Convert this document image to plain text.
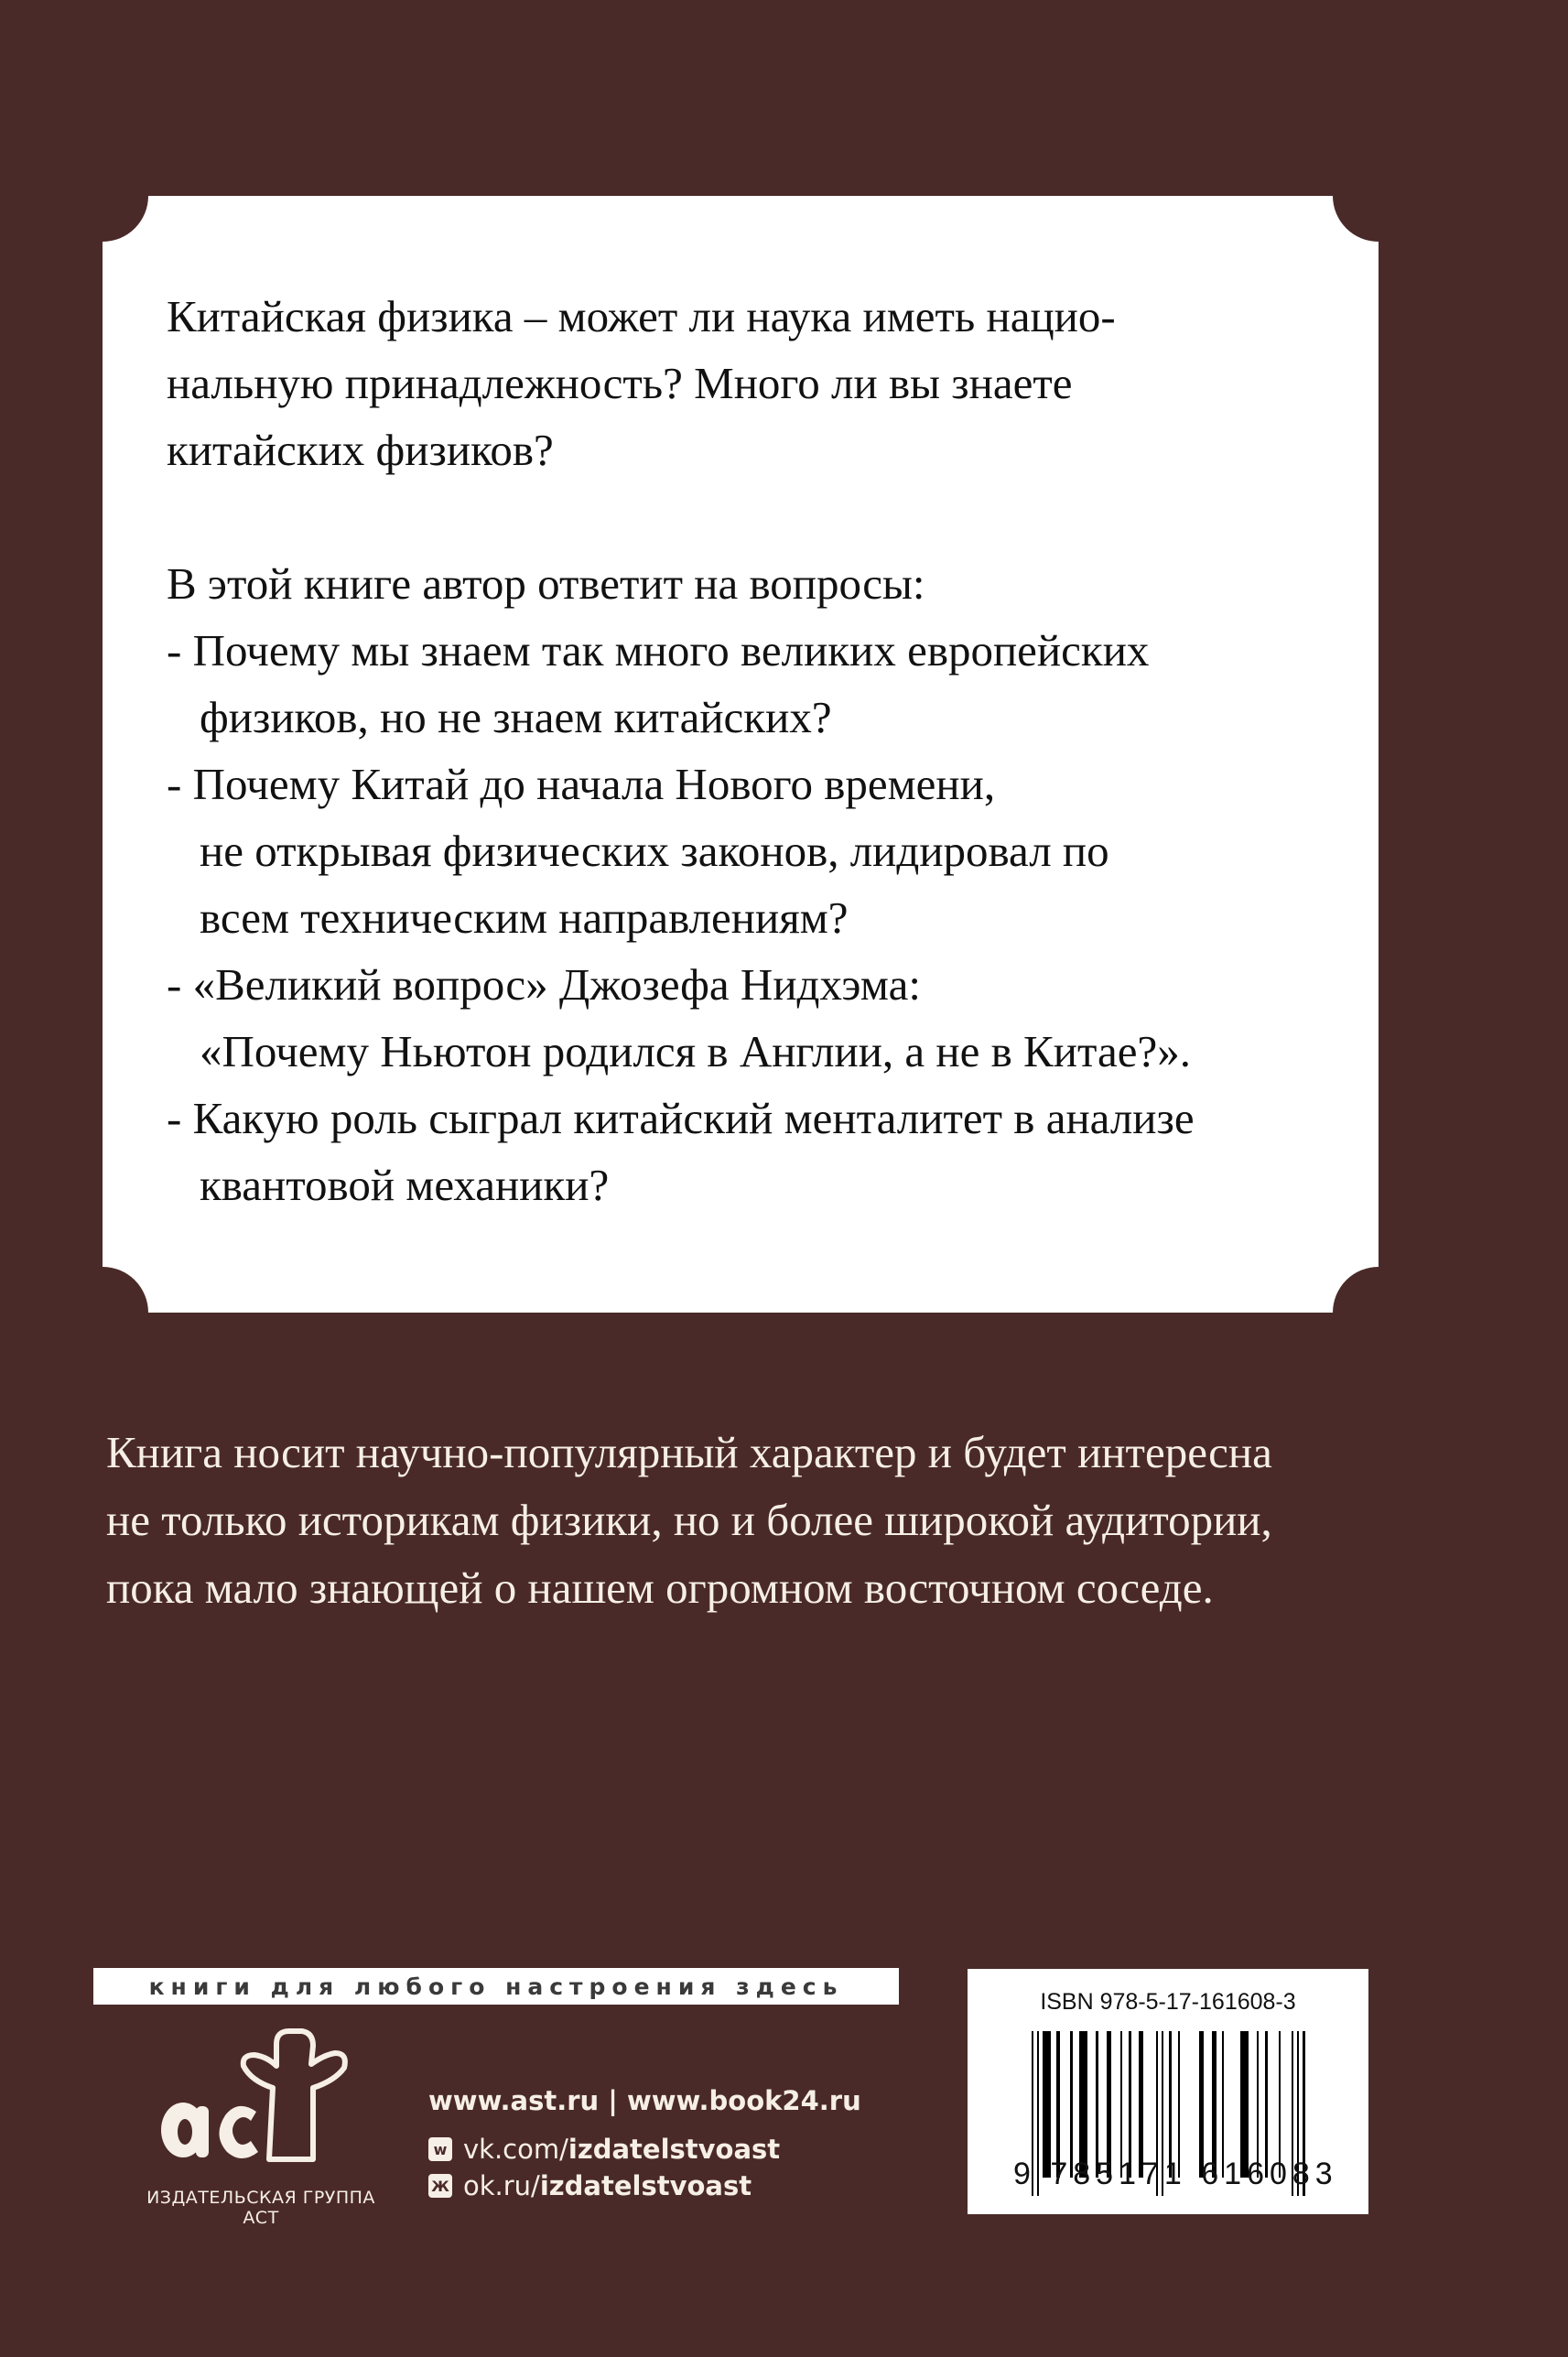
Китайская физика – может ли наука иметь нацио-
нальную принадлежность? Много ли вы знаете
китайских физиков?

В этой книге автор ответит на вопросы:

- Почему мы знаем так много великих европейских
физиков, но не знаем китайских?

- Почему Китай до начала Нового времени,
не открывая физических законов, лидировал по
всем техническим направлениям?

- «Великий вопрос» Джозефа Нидхэма:
«Почему Ньютон родился в Англии, а не в Китае?».

- Какую роль сыграл китайский менталитет в анализе
квантовой механики?

Книга носит научно-популярный характер и будет интересна
не только историкам физики, но и более широкой аудитории,
пока мало знающей о нашем огромном восточном соседе.
книги для любого настроения здесь
ИЗДАТЕЛЬСКАЯ ГРУППА АСТ
www.ast.ru | www.book24.ru
w vk.com/ izdatelstvoast
Ж ok.ru/ izdatelstvoast
ISBN 978-5-17-161608-3
9 785171 616083
